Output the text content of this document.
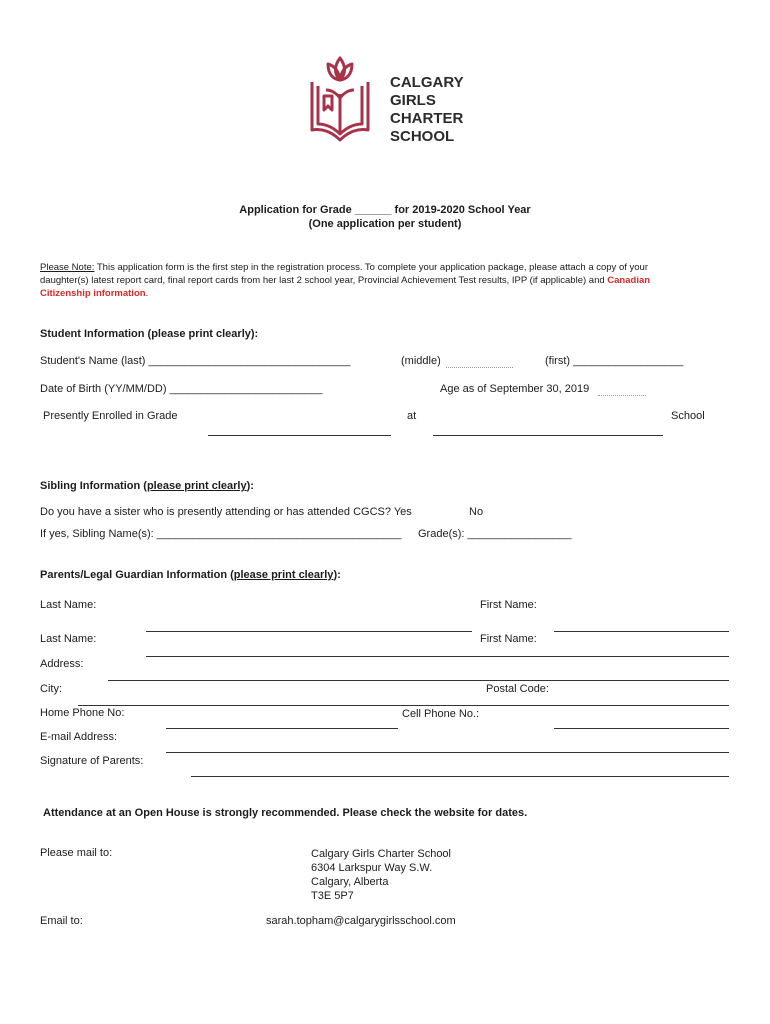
CALGARY
GIRLS
CHARTER
SCHOOL
Application for Grade ______ for 2019-2020 School Year
(One application per student)
Please Note: This application form is the first step in the registration process. To complete your application package, please attach a copy of your
daughter(s) latest report card, final report cards from her last 2 school year, Provincial Achievement Test results, IPP (if applicable) and Canadian
Citizenship information.
Student Information (please print clearly):
Student's Name (last) _________________________________	(middle)	(first) __________________
Date of Birth (YY/MM/DD) _________________________	Age as of September 30, 2019
Presently Enrolled in Grade	at	School
Sibling Information (please print clearly):
Do you have a sister who is presently attending or has attended CGCS? Yes	No
If yes, Sibling Name(s): ________________________________________ Grade(s): _________________
Parents/Legal Guardian Information (please print clearly):
Last Name:	First Name:
Last Name:	First Name:
Address:
City:	Postal Code:
Home Phone No:	Cell Phone No.:
E-mail Address:
Signature of Parents:
Attendance at an Open House is strongly recommended. Please check the website for dates.
Please mail to:	Calgary Girls Charter School
6304 Larkspur Way S.W.
Calgary, Alberta
T3E 5P7
Email to:	sarah.topham@calgarygirlsschool.com
